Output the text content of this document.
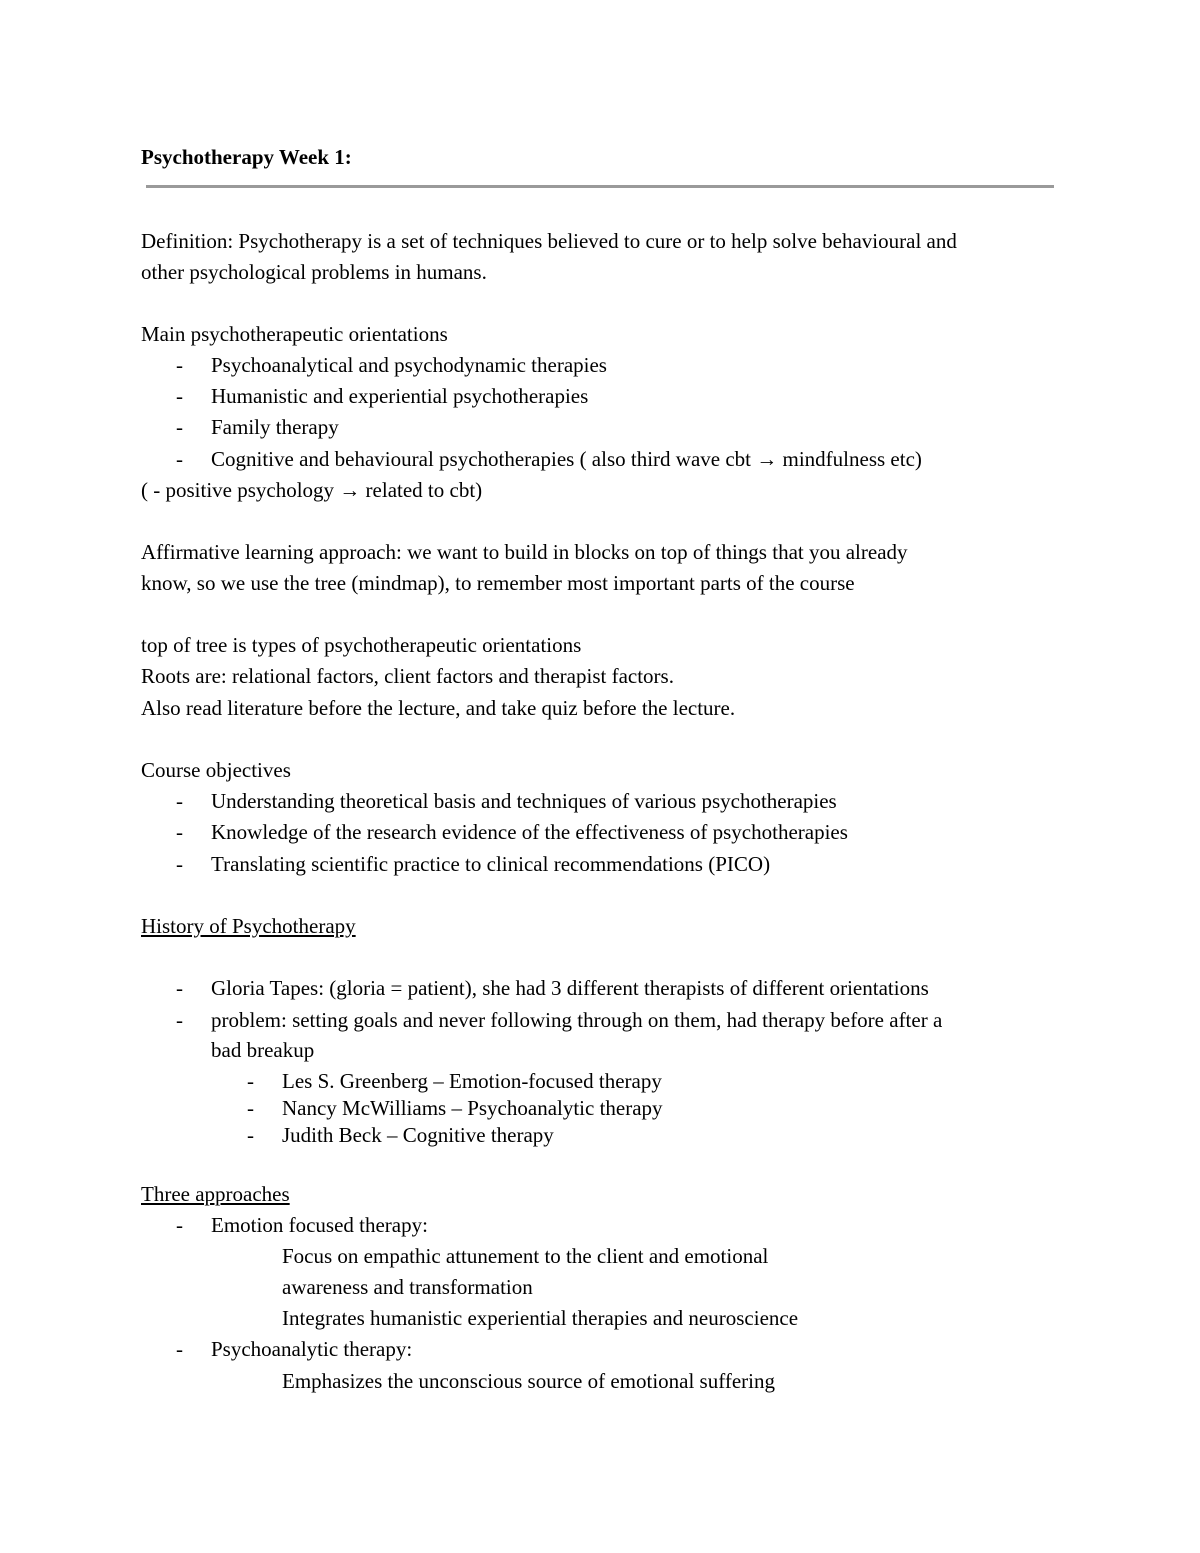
Psychotherapy Week 1:
Definition: Psychotherapy is a set of techniques believed to cure or to help solve behavioural and
other psychological problems in humans.
Main psychotherapeutic orientations
- Psychoanalytical and psychodynamic therapies
- Humanistic and experiential psychotherapies
- Family therapy
- Cognitive and behavioural psychotherapies ( also third wave cbt → mindfulness etc)
( - positive psychology → related to cbt)
Affirmative learning approach: we want to build in blocks on top of things that you already
know, so we use the tree (mindmap), to remember most important parts of the course
top of tree is types of psychotherapeutic orientations
Roots are: relational factors, client factors and therapist factors.
Also read literature before the lecture, and take quiz before the lecture.
Course objectives
- Understanding theoretical basis and techniques of various psychotherapies
- Knowledge of the research evidence of the effectiveness of psychotherapies
- Translating scientific practice to clinical recommendations (PICO)
History of Psychotherapy
- Gloria Tapes: (gloria = patient), she had 3 different therapists of different orientations
- problem: setting goals and never following through on them, had therapy before after a
bad breakup
- Les S. Greenberg – Emotion-focused therapy
- Nancy McWilliams – Psychoanalytic therapy
- Judith Beck – Cognitive therapy
Three approaches
- Emotion focused therapy:
Focus on empathic attunement to the client and emotional
awareness and transformation
Integrates humanistic experiential therapies and neuroscience
- Psychoanalytic therapy:
Emphasizes the unconscious source of emotional suffering
